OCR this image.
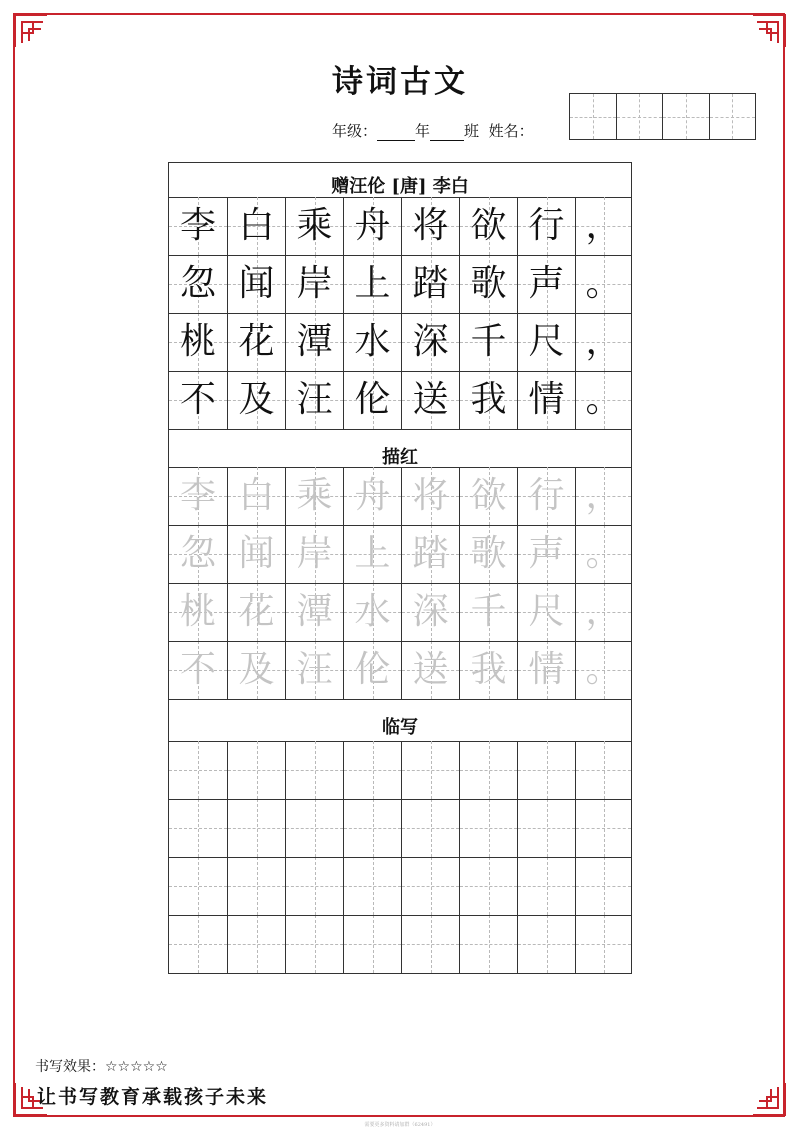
诗词古文
年级：	年 班 姓名：
赠汪伦 [唐] 李白
描红
临写
李 白 乘 舟 将 欲 行 ，
忽 闻 岸 上 踏 歌 声 。
桃 花 潭 水 深 千 尺 ，
不 及 汪 伦 送 我 情 。
李 白 乘 舟 将 欲 行 ，
忽 闻 岸 上 踏 歌 声 。
桃 花 潭 水 深 千 尺 ，
不 及 汪 伦 送 我 情 。
书写效果：☆☆☆☆☆
让书写教育承载孩子未来
需要更多资料请加群（62491）
